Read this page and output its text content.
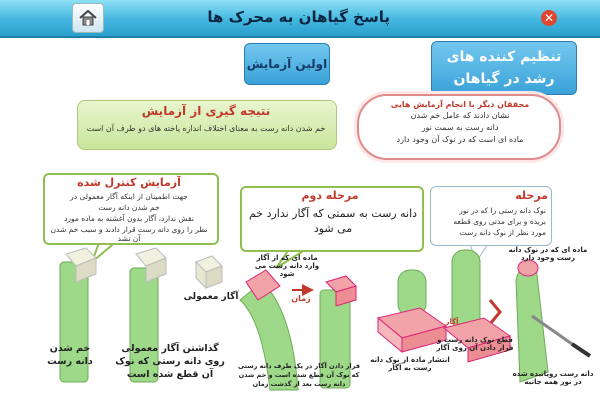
پاسخ گیاهان به محرک ها	✕
اولین آزمایش	تنظیم کننده های رشد در گیاهان
محققان دیگر با انجام آزمایش هایی
نشان دادند که عامل خم شدن
دانه رست به سمت نور
ماده ای است که در نوک آن وجود دارد
نتیجه گیری از آزمایش
خم شدن دانه رست به معنای اختلاف اندازه یاخته های دو طرف آن است
آزمایش کنترل شده
جهت اطمینان از اینکه آگار معمولی در
خم شدن دانه رست
نقش ندارد، آگار بدون آغشته به ماده مورد
نظر را روی دانه رست قرار دادند و سبب خم شدن آن نشد
مرحله
نوک دانه رستی را که در نور
بریده و برای مدتی روی قطعه
مورد نظر از نوک دانه رست
مرحله دوم
دانه رست به سمتی که آگار ندارد خم می شود
آگار معمولی	زمان
ماده ای که از آگار وارد دانه رست می شود
ماده ای که در نوک دانه رست وجود دارد
آگار
قطع نوک دانه رست و قرار دادن آن روی آگار
انتشار ماده از نوک دانه رست به آگار
دانه رست رویانیده شده در نور همه جانبه
خم شدن
دانه رست
گذاشتن آگار معمولی
روی دانه رستی که نوک
آن قطع شده است
قرار دادن آگار در یک طرف دانه رستی
که نوک آن قطع شده است و خم شدن
دانه رست بعد از گذشت زمان
